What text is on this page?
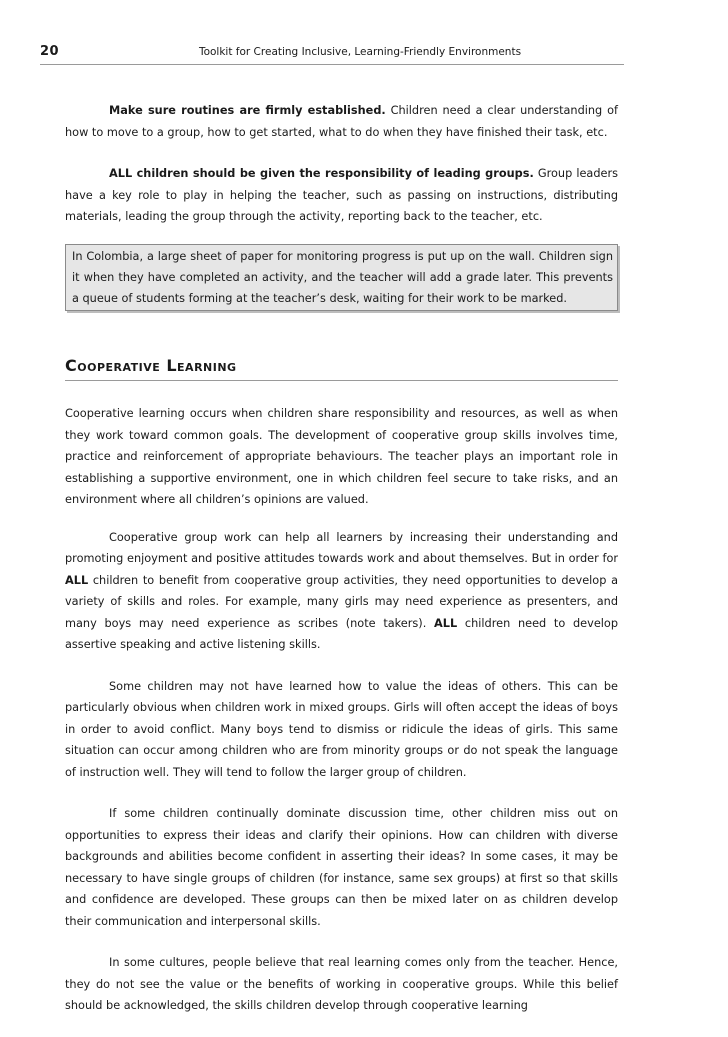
20	Toolkit for Creating Inclusive, Learning-Friendly Environments

Make sure routines are firmly established. Children need a clear understanding of how to move to a group, how to get started, what to do when they have finished their task, etc.

ALL children should be given the responsibility of leading groups. Group leaders have a key role to play in helping the teacher, such as passing on instructions, distributing materials, leading the group through the activity, reporting back to the teacher, etc.

In Colombia, a large sheet of paper for monitoring progress is put up on the wall. Children sign it when they have completed an activity, and the teacher will add a grade later. This prevents a queue of students forming at the teacher’s desk, waiting for their work to be marked.
Cooperative Learning

Cooperative learning occurs when children share responsibility and resources, as well as when they work toward common goals. The development of cooperative group skills involves time, practice and reinforcement of appropriate behaviours. The teacher plays an important role in establishing a supportive environment, one in which children feel secure to take risks, and an environment where all children’s opinions are valued.

Cooperative group work can help all learners by increasing their understanding and promoting enjoyment and positive attitudes towards work and about themselves. But in order for ALL children to benefit from cooperative group activities, they need opportunities to develop a variety of skills and roles. For example, many girls may need experience as presenters, and many boys may need experience as scribes (note takers). ALL children need to develop assertive speaking and active listening skills.

Some children may not have learned how to value the ideas of others. This can be particularly obvious when children work in mixed groups. Girls will often accept the ideas of boys in order to avoid conflict. Many boys tend to dismiss or ridicule the ideas of girls. This same situation can occur among children who are from minority groups or do not speak the language of instruction well. They will tend to follow the larger group of children.

If some children continually dominate discussion time, other children miss out on opportunities to express their ideas and clarify their opinions. How can children with diverse backgrounds and abilities become confident in asserting their ideas? In some cases, it may be necessary to have single groups of children (for instance, same sex groups) at first so that skills and confidence are developed. These groups can then be mixed later on as children develop their communication and interpersonal skills.

In some cultures, people believe that real learning comes only from the teacher. Hence, they do not see the value or the benefits of working in cooperative groups. While this belief should be acknowledged, the skills children develop through cooperative learning
